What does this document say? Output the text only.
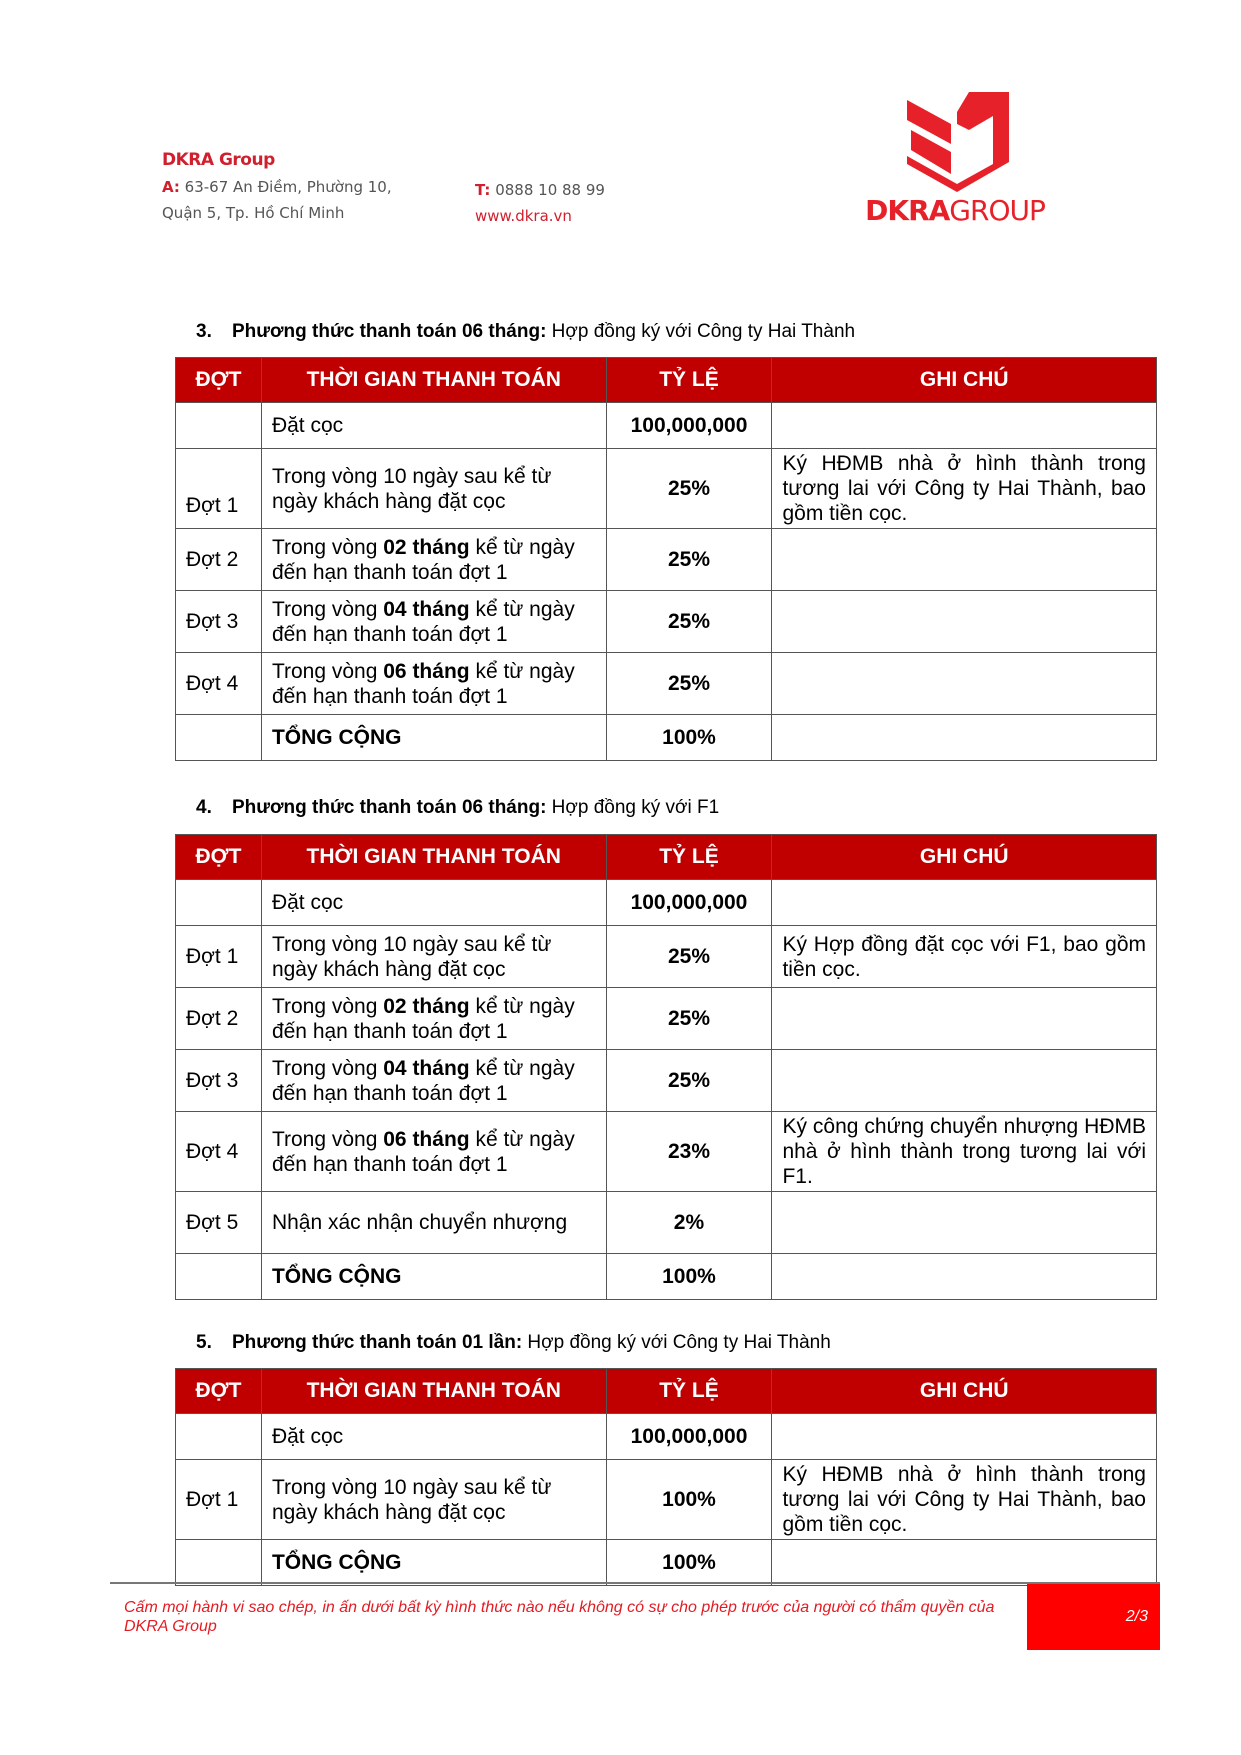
DKRA Group
A: 63-67 An Điềm, Phường 10,
Quận 5, Tp. Hồ Chí Minh
T: 0888 10 88 99
www.dkra.vn	DKRAGROUP
3. Phương thức thanh toán 06 tháng: Hợp đồng ký với Công ty Hai Thành
ĐỢT	THỜI GIAN THANH TOÁN	TỶ LỆ	GHI CHÚ
	Đặt cọc	100,000,000	
Đợt 1	Trong vòng 10 ngày sau kể từ ngày khách hàng đặt cọc	25%	Ký HĐMB nhà ở hình thành trong tương lai với Công ty Hai Thành, bao gồm tiền cọc.
Đợt 2	Trong vòng 02 tháng kể từ ngày đến hạn thanh toán đợt 1	25%	
Đợt 3	Trong vòng 04 tháng kể từ ngày đến hạn thanh toán đợt 1	25%	
Đợt 4	Trong vòng 06 tháng kể từ ngày đến hạn thanh toán đợt 1	25%	
	TỔNG CỘNG	100%	
4. Phương thức thanh toán 06 tháng: Hợp đồng ký với F1
ĐỢT	THỜI GIAN THANH TOÁN	TỶ LỆ	GHI CHÚ
	Đặt cọc	100,000,000	
Đợt 1	Trong vòng 10 ngày sau kể từ ngày khách hàng đặt cọc	25%	Ký Hợp đồng đặt cọc với F1, bao gồm tiền cọc.
Đợt 2	Trong vòng 02 tháng kể từ ngày đến hạn thanh toán đợt 1	25%	
Đợt 3	Trong vòng 04 tháng kể từ ngày đến hạn thanh toán đợt 1	25%	
Đợt 4	Trong vòng 06 tháng kể từ ngày đến hạn thanh toán đợt 1	23%	Ký công chứng chuyển nhượng HĐMB nhà ở hình thành trong tương lai với F1.
Đợt 5	Nhận xác nhận chuyển nhượng	2%	
	TỔNG CỘNG	100%	
5. Phương thức thanh toán 01 lần: Hợp đồng ký với Công ty Hai Thành
ĐỢT	THỜI GIAN THANH TOÁN	TỶ LỆ	GHI CHÚ
	Đặt cọc	100,000,000	
Đợt 1	Trong vòng 10 ngày sau kể từ ngày khách hàng đặt cọc	100%	Ký HĐMB nhà ở hình thành trong tương lai với Công ty Hai Thành, bao gồm tiền cọc.
	TỔNG CỘNG	100%	
Cấm mọi hành vi sao chép, in ấn dưới bất kỳ hình thức nào nếu không có sự cho phép trước của người có thẩm quyền của DKRA Group
2/3
